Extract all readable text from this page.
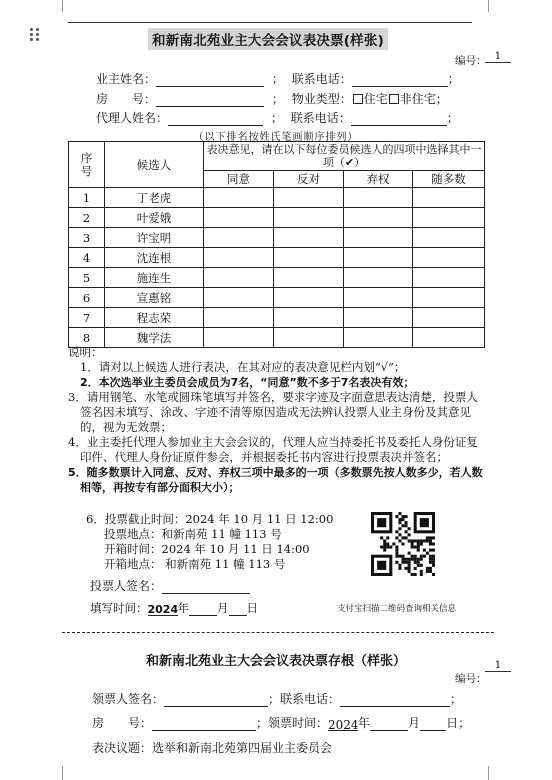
和新南北苑业主大会会议表决票(样张)
编号： 1
业主姓名：	； 联系电话：	；
房　　号：	； 物业类型： 住宅 非住宅；
代理人姓名：	； 联系电话：	；
（以下排名按姓氏笔画顺序排列）
序号	候选人	表决意见，请在以下每位委员候选人的四项中选择其中一项（✔）			

		同意	反对	弃权	随多数
1	丁老虎				
2	叶爱娥				
3	许宝明				
4	沈连根				
5	施连生				
6	宣惠铭				
7	程志荣				
8	魏学法				
说明：
1．请对以上候选人进行表决，在其对应的表决意见栏内划“√”；
2．本次选举业主委员会成员为7名，“同意”数不多于7名表决有效；
3．请用钢笔、水笔或圆珠笔填写并签名，要求字迹及字面意思表达清楚，投票人签名因未填写、涂改、字迹不清等原因造成无法辨认投票人业主身份及其意见的，视为无效票；
4．业主委托代理人参加业主大会会议的，代理人应当持委托书及委托人身份证复印件、代理人身份证原件参会，并根据委托书内容进行投票表决并签名；
5．随多数票计入同意、反对、弃权三项中最多的一项（多数票先按人数多少，若人数相等，再按专有部分面积大小）；
6．投票截止时间：2024 年 10 月 11 日 12:00
投票地点：和新南苑 11 幢 113 号
开箱时间：2024 年 10 月 11 日 14:00
开箱地点： 和新南苑 11 幢 113 号
投票人签名：
填写时间：2024年 月 日	支付宝扫描二维码查询相关信息
和新南北苑业主大会会议表决票存根（样张）
编号：
1
领票人签名：	；联系电话：	；
房　　号：	；领票时间：2024年	月 日；
表决议题：选举和新南北苑第四届业主委员会
